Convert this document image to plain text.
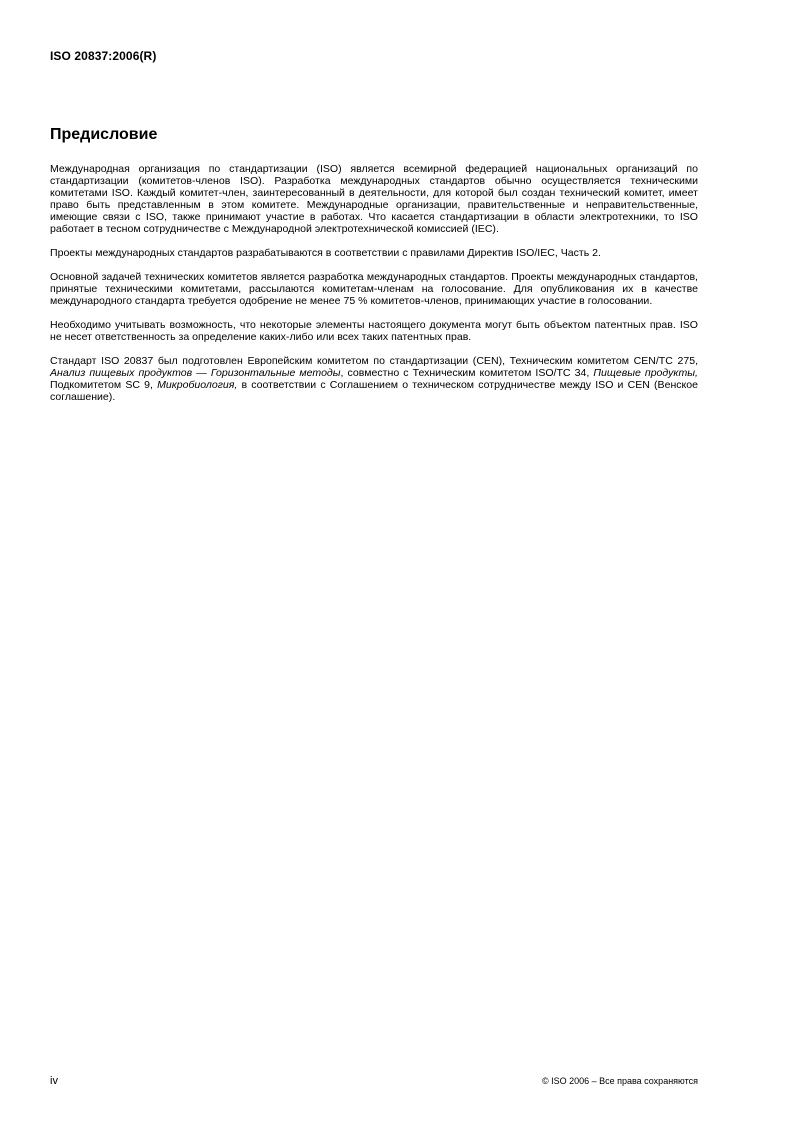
ISO 20837:2006(R)
Предисловие

Международная организация по стандартизации (ISO) является всемирной федерацией национальных организаций по стандартизации (комитетов-членов ISO). Разработка международных стандартов обычно осуществляется техническими комитетами ISO. Каждый комитет-член, заинтересованный в деятельности, для которой был создан технический комитет, имеет право быть представленным в этом комитете. Международные организации, правительственные и неправительственные, имеющие связи с ISO, также принимают участие в работах. Что касается стандартизации в области электротехники, то ISO работает в тесном сотрудничестве с Международной электротехнической комиссией (IEC).

Проекты международных стандартов разрабатываются в соответствии с правилами Директив ISO/IEC, Часть 2.

Основной задачей технических комитетов является разработка международных стандартов. Проекты международных стандартов, принятые техническими комитетами, рассылаются комитетам-членам на голосование. Для опубликования их в качестве международного стандарта требуется одобрение не менее 75 % комитетов-членов, принимающих участие в голосовании.

Необходимо учитывать возможность, что некоторые элементы настоящего документа могут быть объектом патентных прав. ISO не несет ответственность за определение каких-либо или всех таких патентных прав.

Стандарт ISO 20837 был подготовлен Европейским комитетом по стандартизации (CEN), Техническим комитетом CEN/TC 275, Анализ пищевых продуктов — Горизонтальные методы, совместно с Техническим комитетом ISO/TC 34, Пищевые продукты, Подкомитетом SC 9, Микробиология, в соответствии с Соглашением о техническом сотрудничестве между ISO и CEN (Венское соглашение).

iv	© ISO 2006 – Все права сохраняются
